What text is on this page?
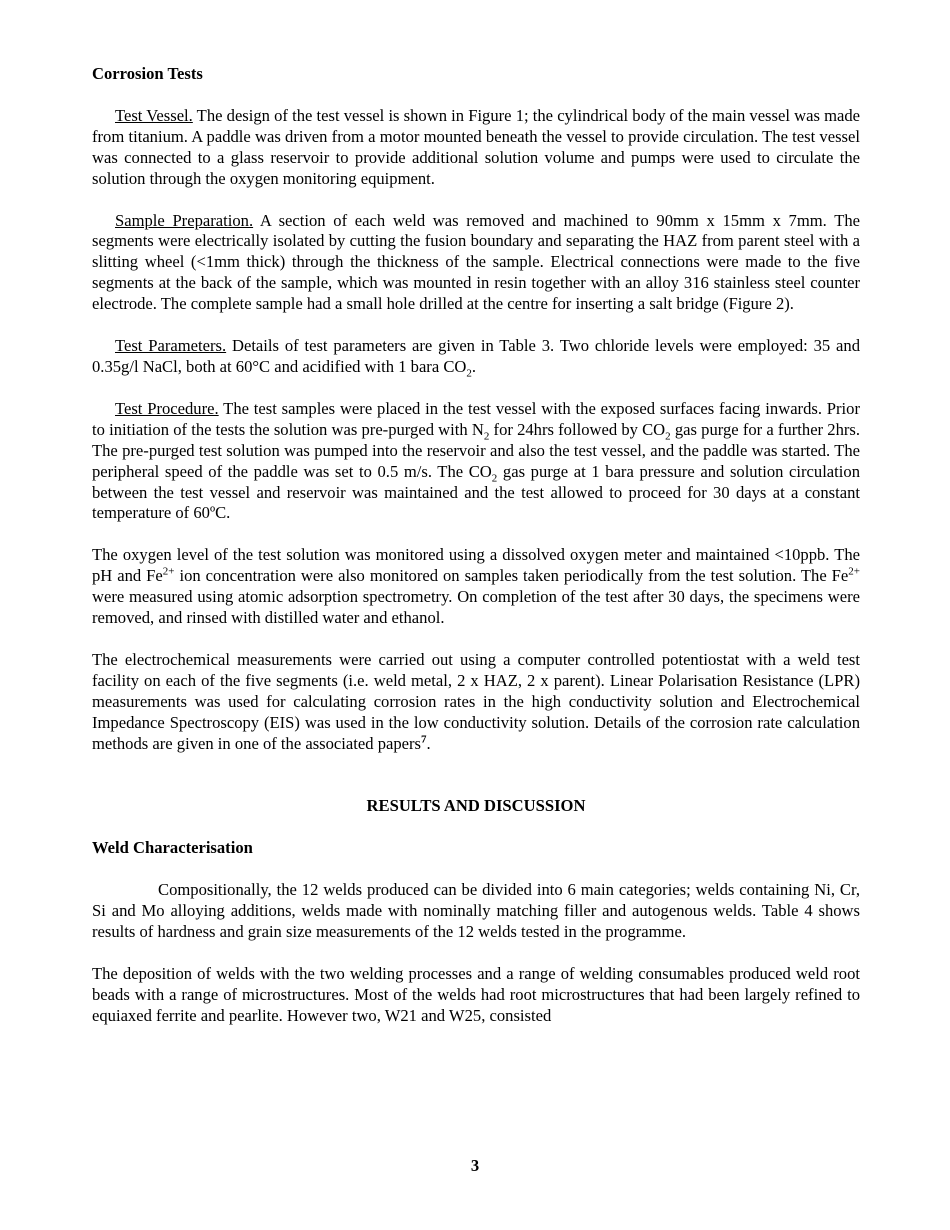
Corrosion Tests

Test Vessel. The design of the test vessel is shown in Figure 1; the cylindrical body of the main vessel was made from titanium. A paddle was driven from a motor mounted beneath the vessel to provide circulation. The test vessel was connected to a glass reservoir to provide additional solution volume and pumps were used to circulate the solution through the oxygen monitoring equipment.

Sample Preparation. A section of each weld was removed and machined to 90mm x 15mm x 7mm. The segments were electrically isolated by cutting the fusion boundary and separating the HAZ from parent steel with a slitting wheel (<1mm thick) through the thickness of the sample. Electrical connections were made to the five segments at the back of the sample, which was mounted in resin together with an alloy 316 stainless steel counter electrode. The complete sample had a small hole drilled at the centre for inserting a salt bridge (Figure 2).

Test Parameters. Details of test parameters are given in Table 3. Two chloride levels were employed: 35 and 0.35g/l NaCl, both at 60°C and acidified with 1 bara $CO_2$.

Test Procedure. The test samples were placed in the test vessel with the exposed surfaces facing inwards. Prior to initiation of the tests the solution was pre-purged with $N_2$ for 24hrs followed by $CO_2$ gas purge for a further 2hrs. The pre-purged test solution was pumped into the reservoir and also the test vessel, and the paddle was started. The peripheral speed of the paddle was set to 0.5 m/s. The $CO_2$ gas purge at 1 bara pressure and solution circulation between the test vessel and reservoir was maintained and the test allowed to proceed for 30 days at a constant temperature of 60ºC.

The oxygen level of the test solution was monitored using a dissolved oxygen meter and maintained <10ppb. The pH and $Fe^{2+}$ ion concentration were also monitored on samples taken periodically from the test solution. The $Fe^{2+}$ were measured using atomic adsorption spectrometry. On completion of the test after 30 days, the specimens were removed, and rinsed with distilled water and ethanol.

The electrochemical measurements were carried out using a computer controlled potentiostat with a weld test facility on each of the five segments (i.e. weld metal, 2 x HAZ, 2 x parent). Linear Polarisation Resistance (LPR) measurements was used for calculating corrosion rates in the high conductivity solution and Electrochemical Impedance Spectroscopy (EIS) was used in the low conductivity solution. Details of the corrosion rate calculation methods are given in one of the associated papers$^7$.

RESULTS AND DISCUSSION

Weld Characterisation

Compositionally, the 12 welds produced can be divided into 6 main categories; welds containing Ni, Cr, Si and Mo alloying additions, welds made with nominally matching filler and autogenous welds. Table 4 shows results of hardness and grain size measurements of the 12 welds tested in the programme.

The deposition of welds with the two welding processes and a range of welding consumables produced weld root beads with a range of microstructures. Most of the welds had root microstructures that had been largely refined to equiaxed ferrite and pearlite. However two, W21 and W25, consisted

3
